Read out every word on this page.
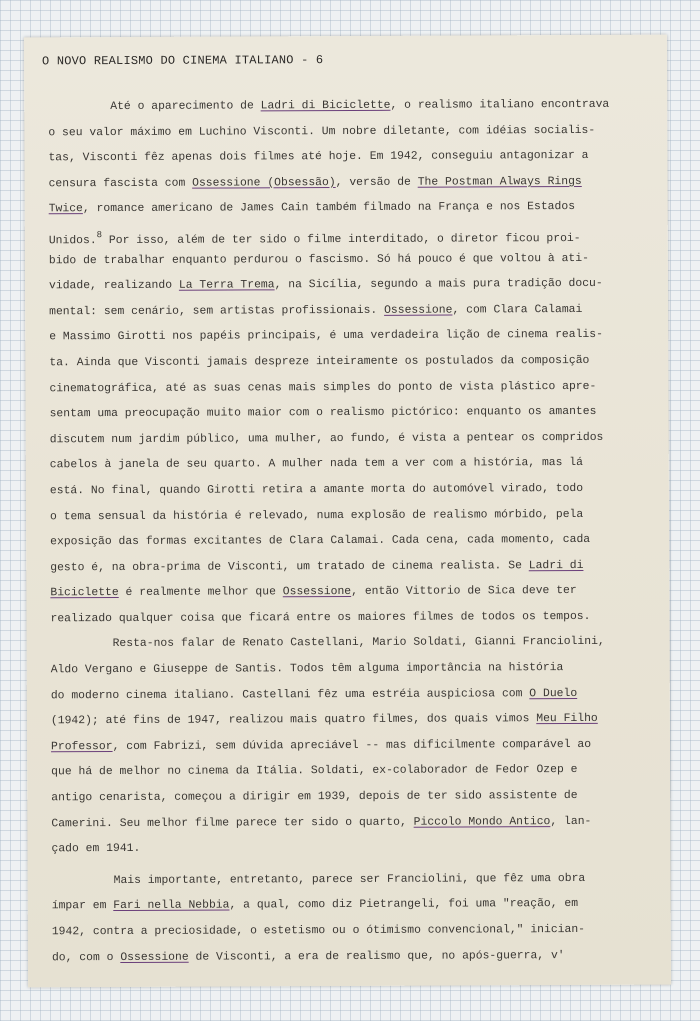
O NOVO REALISMO DO CINEMA ITALIANO - 6
Até o aparecimento de Ladri di Biciclette, o realismo italiano encontrava
o seu valor máximo em Luchino Visconti. Um nobre diletante, com idéias socialis-
tas, Visconti fêz apenas dois filmes até hoje. Em 1942, conseguiu antagonizar a
censura fascista com Ossessione (Obsessão), versão de The Postman Always Rings
Twice, romance americano de James Cain também filmado na França e nos Estados
Unidos.$^8$ Por isso, além de ter sido o filme interditado, o diretor ficou proi-
bido de trabalhar enquanto perdurou o fascismo. Só há pouco é que voltou à ati-
vidade, realizando La Terra Trema, na Sicília, segundo a mais pura tradição docu-
mental: sem cenário, sem artistas profissionais. Ossessione, com Clara Calamai
e Massimo Girotti nos papéis principais, é uma verdadeira lição de cinema realis-
ta. Ainda que Visconti jamais despreze inteiramente os postulados da composição
cinematográfica, até as suas cenas mais simples do ponto de vista plástico apre-
sentam uma preocupação muito maior com o realismo pictórico: enquanto os amantes
discutem num jardim público, uma mulher, ao fundo, é vista a pentear os compridos
cabelos à janela de seu quarto. A mulher nada tem a ver com a história, mas lá
está. No final, quando Girotti retira a amante morta do automóvel virado, todo
o tema sensual da história é relevado, numa explosão de realismo mórbido, pela
exposição das formas excitantes de Clara Calamai. Cada cena, cada momento, cada
gesto é, na obra-prima de Visconti, um tratado de cinema realista. Se Ladri di
Biciclette é realmente melhor que Ossessione, então Vittorio de Sica deve ter
realizado qualquer coisa que ficará entre os maiores filmes de todos os tempos.
Resta-nos falar de Renato Castellani, Mario Soldati, Gianni Franciolini,
Aldo Vergano e Giuseppe de Santis. Todos têm alguma importância na história
do moderno cinema italiano. Castellani fêz uma estréia auspiciosa com O Duelo
(1942); até fins de 1947, realizou mais quatro filmes, dos quais vimos Meu Filho
Professor, com Fabrizi, sem dúvida apreciável -- mas dificilmente comparável ao
que há de melhor no cinema da Itália. Soldati, ex-colaborador de Fedor Ozep e
antigo cenarista, começou a dirigir em 1939, depois de ter sido assistente de
Camerini. Seu melhor filme parece ter sido o quarto, Piccolo Mondo Antico, lan-
çado em 1941.
Mais importante, entretanto, parece ser Franciolini, que fêz uma obra
ímpar em Fari nella Nebbia, a qual, como diz Pietrangeli, foi uma "reação, em
1942, contra a preciosidade, o estetismo ou o ótimismo convencional," inician-
do, com o Ossessione de Visconti, a era de realismo que, no após-guerra, v'
